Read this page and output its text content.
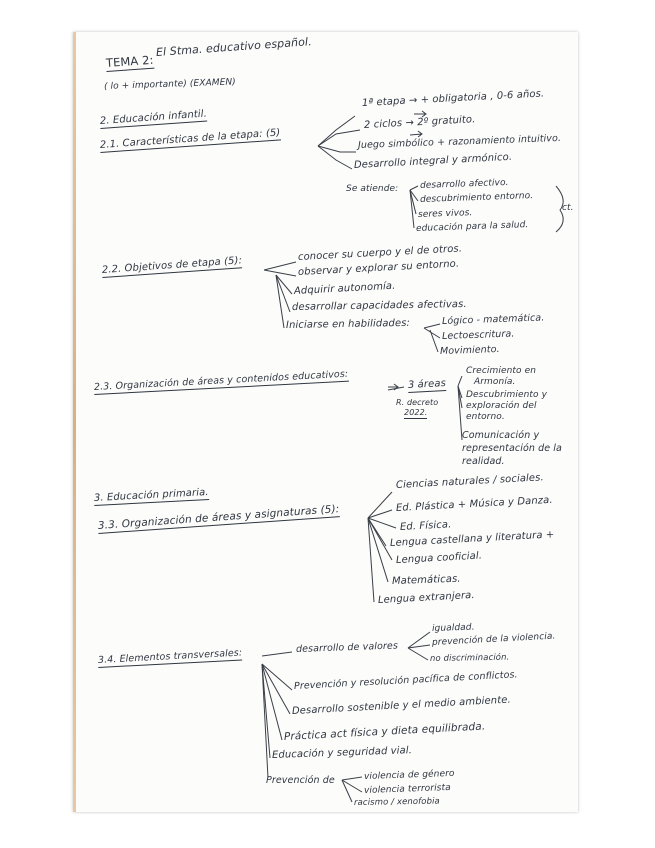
TEMA 2:
El Stma. educativo español.
( lo + importante) (EXAMEN)
2. Educación infantil.
2.1. Características de la etapa: (5)
1ª etapa → + obligatoria , 0-6 años.
2 ciclos → 2º gratuito.
Juego simbólico + razonamiento intuitivo.
Desarrollo integral y armónico.
Se atiende: desarrollo afectivo.
descubrimiento entorno.
seres vivos.
educación para la salud.
ct.
2.2. Objetivos de etapa (5):
conocer su cuerpo y el de otros.
observar y explorar su entorno.
Adquirir autonomía.
desarrollar capacidades afectivas.
Iniciarse en habilidades:	Lógico - matemática.
Lectoescritura.
Movimiento.
2.3. Organización de áreas y contenidos educativos:	3 áreas
R. decreto
2022.
Crecimiento en
Armonía.
Descubrimiento y
exploración del
entorno.
Comunicación y
representación de la
realidad.
3. Educación primaria.
3.3. Organización de áreas y asignaturas (5):
Ciencias naturales / sociales.
Ed. Plástica + Música y Danza.
Ed. Física.
Lengua castellana y literatura +
Lengua cooficial.
Matemáticas.
Lengua extranjera.
3.4. Elementos transversales:	desarrollo de valores
igualdad.
prevención de la violencia.
no discriminación.
Prevención y resolución pacífica de conflictos.
Desarrollo sostenible y el medio ambiente.
Práctica act física y dieta equilibrada.
Educación y seguridad vial.
Prevención de	violencia de género
violencia terrorista
racismo / xenofobia
